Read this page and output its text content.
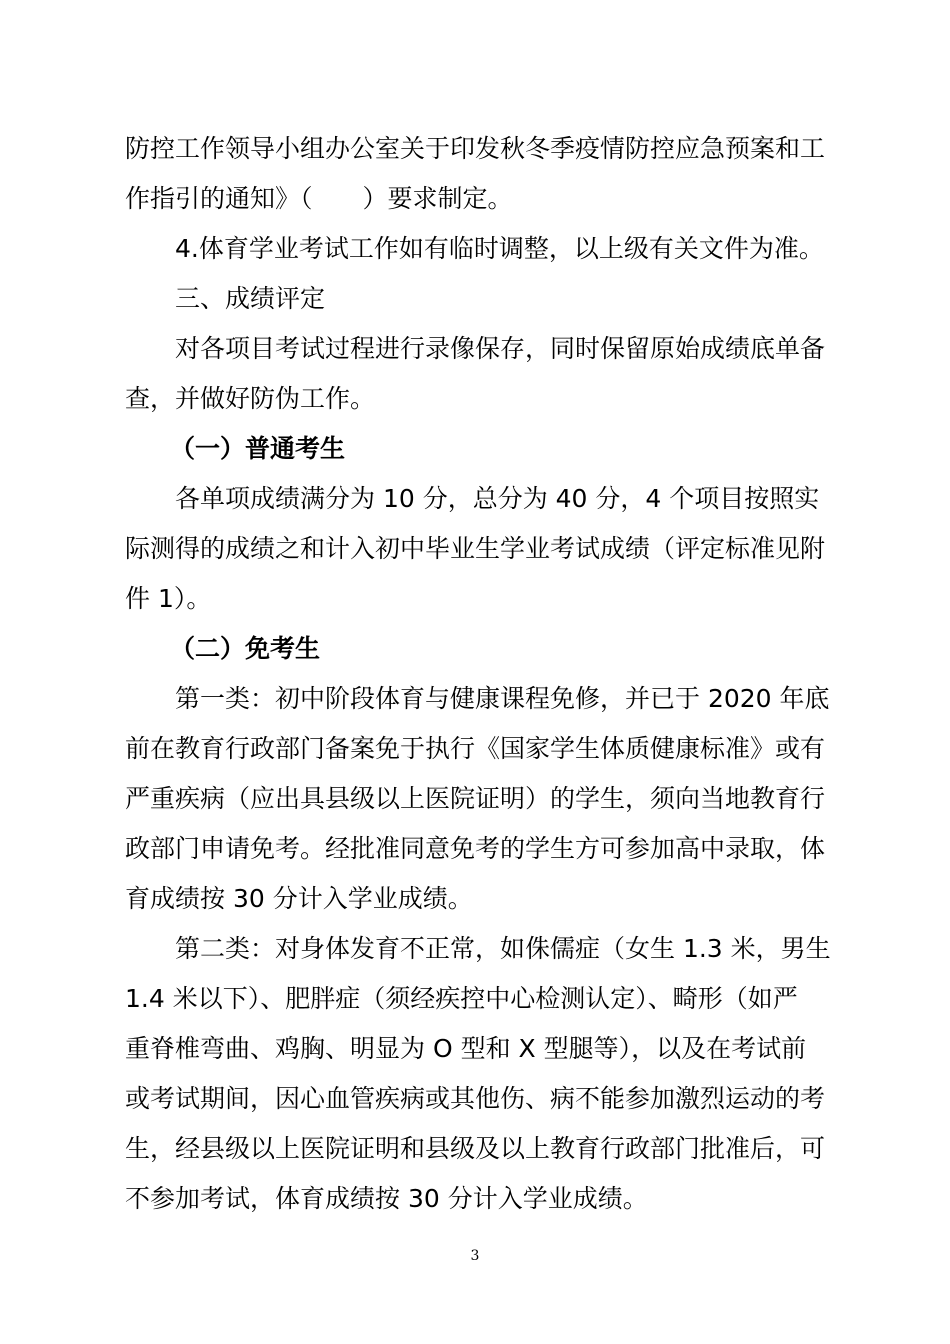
防控工作领导小组办公室关于印发秋冬季疫情防控应急预案和工
作指引的通知》（　　）要求制定。
4.体育学业考试工作如有临时调整，以上级有关文件为准。
三、成绩评定
对各项目考试过程进行录像保存，同时保留原始成绩底单备
查，并做好防伪工作。
（一）普通考生
各单项成绩满分为 10 分，总分为 40 分，4 个项目按照实
际测得的成绩之和计入初中毕业生学业考试成绩（评定标准见附
件 1）。
（二）免考生
第一类：初中阶段体育与健康课程免修，并已于 2020 年底
前在教育行政部门备案免于执行《国家学生体质健康标准》或有
严重疾病（应出具县级以上医院证明）的学生，须向当地教育行
政部门申请免考。经批准同意免考的学生方可参加高中录取，体
育成绩按 30 分计入学业成绩。
第二类：对身体发育不正常，如侏儒症（女生 1.3 米，男生
1.4 米以下）、肥胖症（须经疾控中心检测认定）、畸形（如严
重脊椎弯曲、鸡胸、明显为 O 型和 X 型腿等），以及在考试前
或考试期间，因心血管疾病或其他伤、病不能参加激烈运动的考
生，经县级以上医院证明和县级及以上教育行政部门批准后，可
不参加考试，体育成绩按 30 分计入学业成绩。
3
